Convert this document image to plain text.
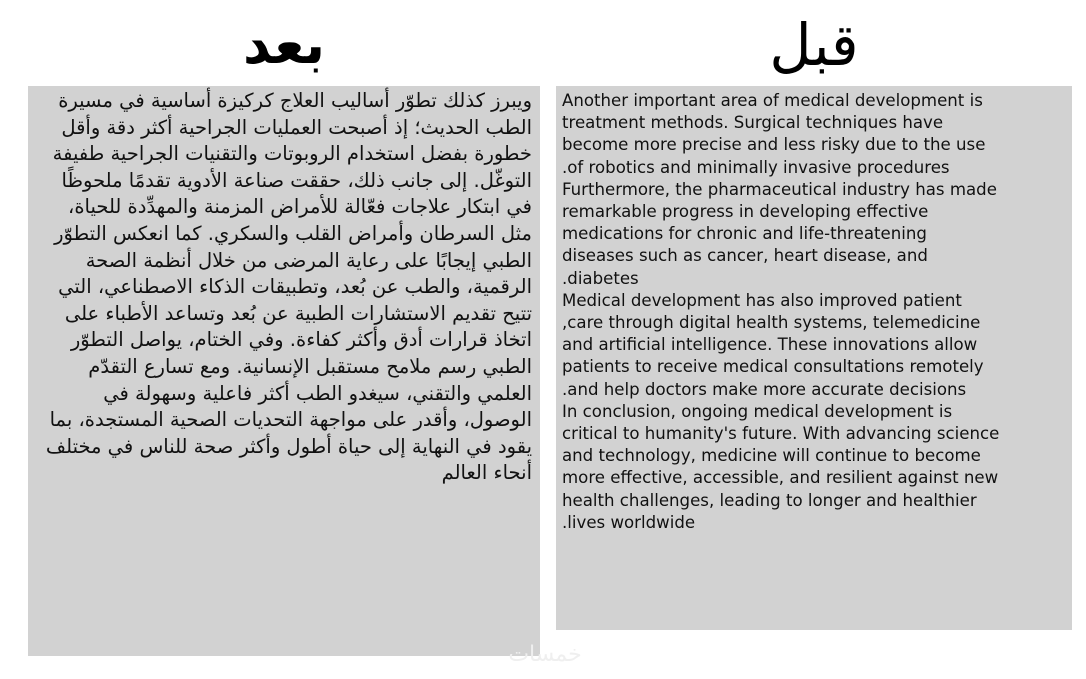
بعد	قبل

ويبرز كذلك تطوّر أساليب العلاج كركيزة أساسية في مسيرة الطب الحديث؛ إذ أصبحت العمليات الجراحية أكثر دقة وأقل خطورة بفضل استخدام الروبوتات والتقنيات الجراحية طفيفة التوغّل. إلى جانب ذلك، حققت صناعة الأدوية تقدمًا ملحوظًا في ابتكار علاجات فعّالة للأمراض المزمنة والمهدِّدة للحياة، مثل السرطان وأمراض القلب والسكري. كما انعكس التطوّر الطبي إيجابًا على رعاية المرضى من خلال أنظمة الصحة الرقمية، والطب عن بُعد، وتطبيقات الذكاء الاصطناعي، التي تتيح تقديم الاستشارات الطبية عن بُعد وتساعد الأطباء على اتخاذ قرارات أدق وأكثر كفاءة. وفي الختام، يواصل التطوّر الطبي رسم ملامح مستقبل الإنسانية. ومع تسارع التقدّم العلمي والتقني، سيغدو الطب أكثر فاعلية وسهولة في الوصول، وأقدر على مواجهة التحديات الصحية المستجدة، بما يقود في النهاية إلى حياة أطول وأكثر صحة للناس في مختلف أنحاء العالم

Another important area of medical development is
treatment methods. Surgical techniques have
become more precise and less risky due to the use
of robotics and minimally invasive procedures.
Furthermore, the pharmaceutical industry has made
remarkable progress in developing effective
medications for chronic and life-threatening
diseases such as cancer, heart disease, and
diabetes.
Medical development has also improved patient
care through digital health systems, telemedicine,
and artificial intelligence. These innovations allow
patients to receive medical consultations remotely
and help doctors make more accurate decisions.
In conclusion, ongoing medical development is
critical to humanity's future. With advancing science
and technology, medicine will continue to become
more effective, accessible, and resilient against new
health challenges, leading to longer and healthier
lives worldwide.
خمسات
